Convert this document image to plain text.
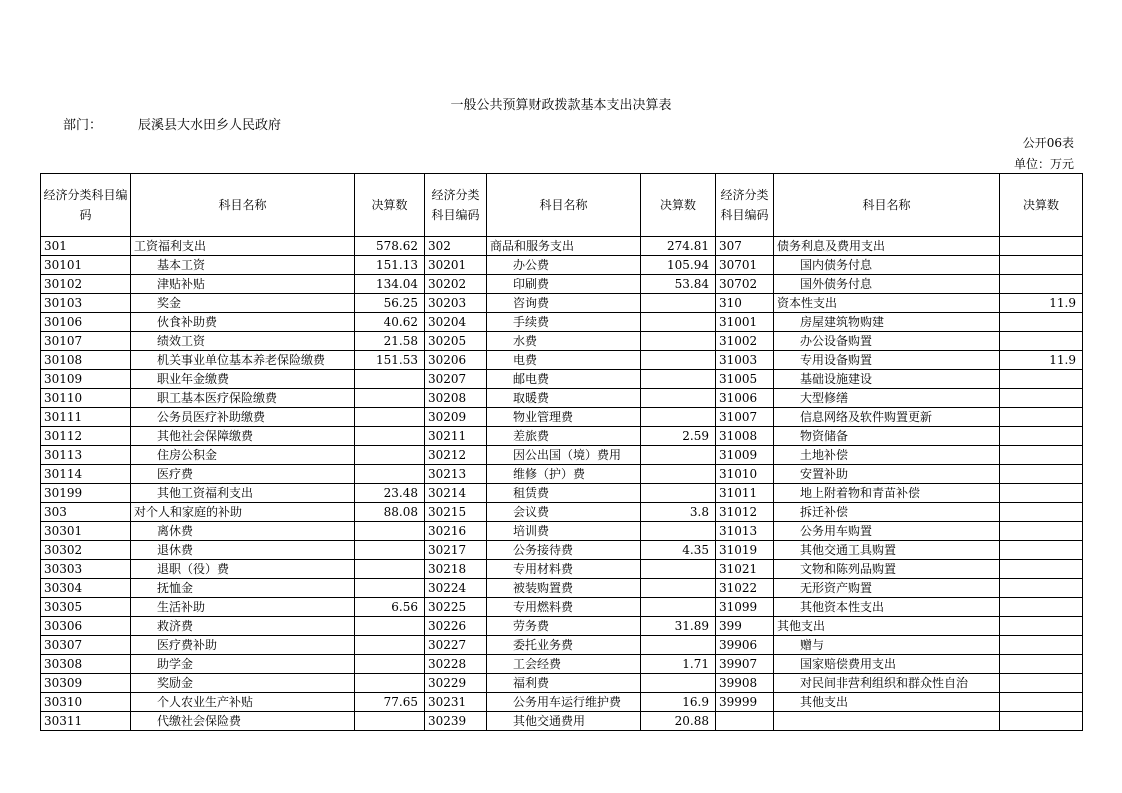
一般公共预算财政拨款基本支出决算表
部门：	辰溪县大水田乡人民政府
公开06表
单位：万元
经济分类科目编码	科目名称	决算数	经济分类科目编码	科目名称	决算数	经济分类科目编码	科目名称	决算数
301	工资福利支出	578.62	302	商品和服务支出	274.81	307	债务利息及费用支出	
30101	基本工资	151.13	30201	办公费	105.94	30701	国内债务付息	
30102	津贴补贴	134.04	30202	印刷费	53.84	30702	国外债务付息	
30103	奖金	56.25	30203	咨询费		310	资本性支出	11.9
30106	伙食补助费	40.62	30204	手续费		31001	房屋建筑物购建	
30107	绩效工资	21.58	30205	水费		31002	办公设备购置	
30108	机关事业单位基本养老保险缴费	151.53	30206	电费		31003	专用设备购置	11.9
30109	职业年金缴费		30207	邮电费		31005	基础设施建设	
30110	职工基本医疗保险缴费		30208	取暖费		31006	大型修缮	
30111	公务员医疗补助缴费		30209	物业管理费		31007	信息网络及软件购置更新	
30112	其他社会保障缴费		30211	差旅费	2.59	31008	物资储备	
30113	住房公积金		30212	因公出国（境）费用		31009	土地补偿	
30114	医疗费		30213	维修（护）费		31010	安置补助	
30199	其他工资福利支出	23.48	30214	租赁费		31011	地上附着物和青苗补偿	
303	对个人和家庭的补助	88.08	30215	会议费	3.8	31012	拆迁补偿	
30301	离休费		30216	培训费		31013	公务用车购置	
30302	退休费		30217	公务接待费	4.35	31019	其他交通工具购置	
30303	退职（役）费		30218	专用材料费		31021	文物和陈列品购置	
30304	抚恤金		30224	被装购置费		31022	无形资产购置	
30305	生活补助	6.56	30225	专用燃料费		31099	其他资本性支出	
30306	救济费		30226	劳务费	31.89	399	其他支出	
30307	医疗费补助		30227	委托业务费		39906	赠与	
30308	助学金		30228	工会经费	1.71	39907	国家赔偿费用支出	
30309	奖励金		30229	福利费		39908	对民间非营利组织和群众性自治	
30310	个人农业生产补贴	77.65	30231	公务用车运行维护费	16.9	39999	其他支出	
30311	代缴社会保险费		30239	其他交通费用	20.88			
